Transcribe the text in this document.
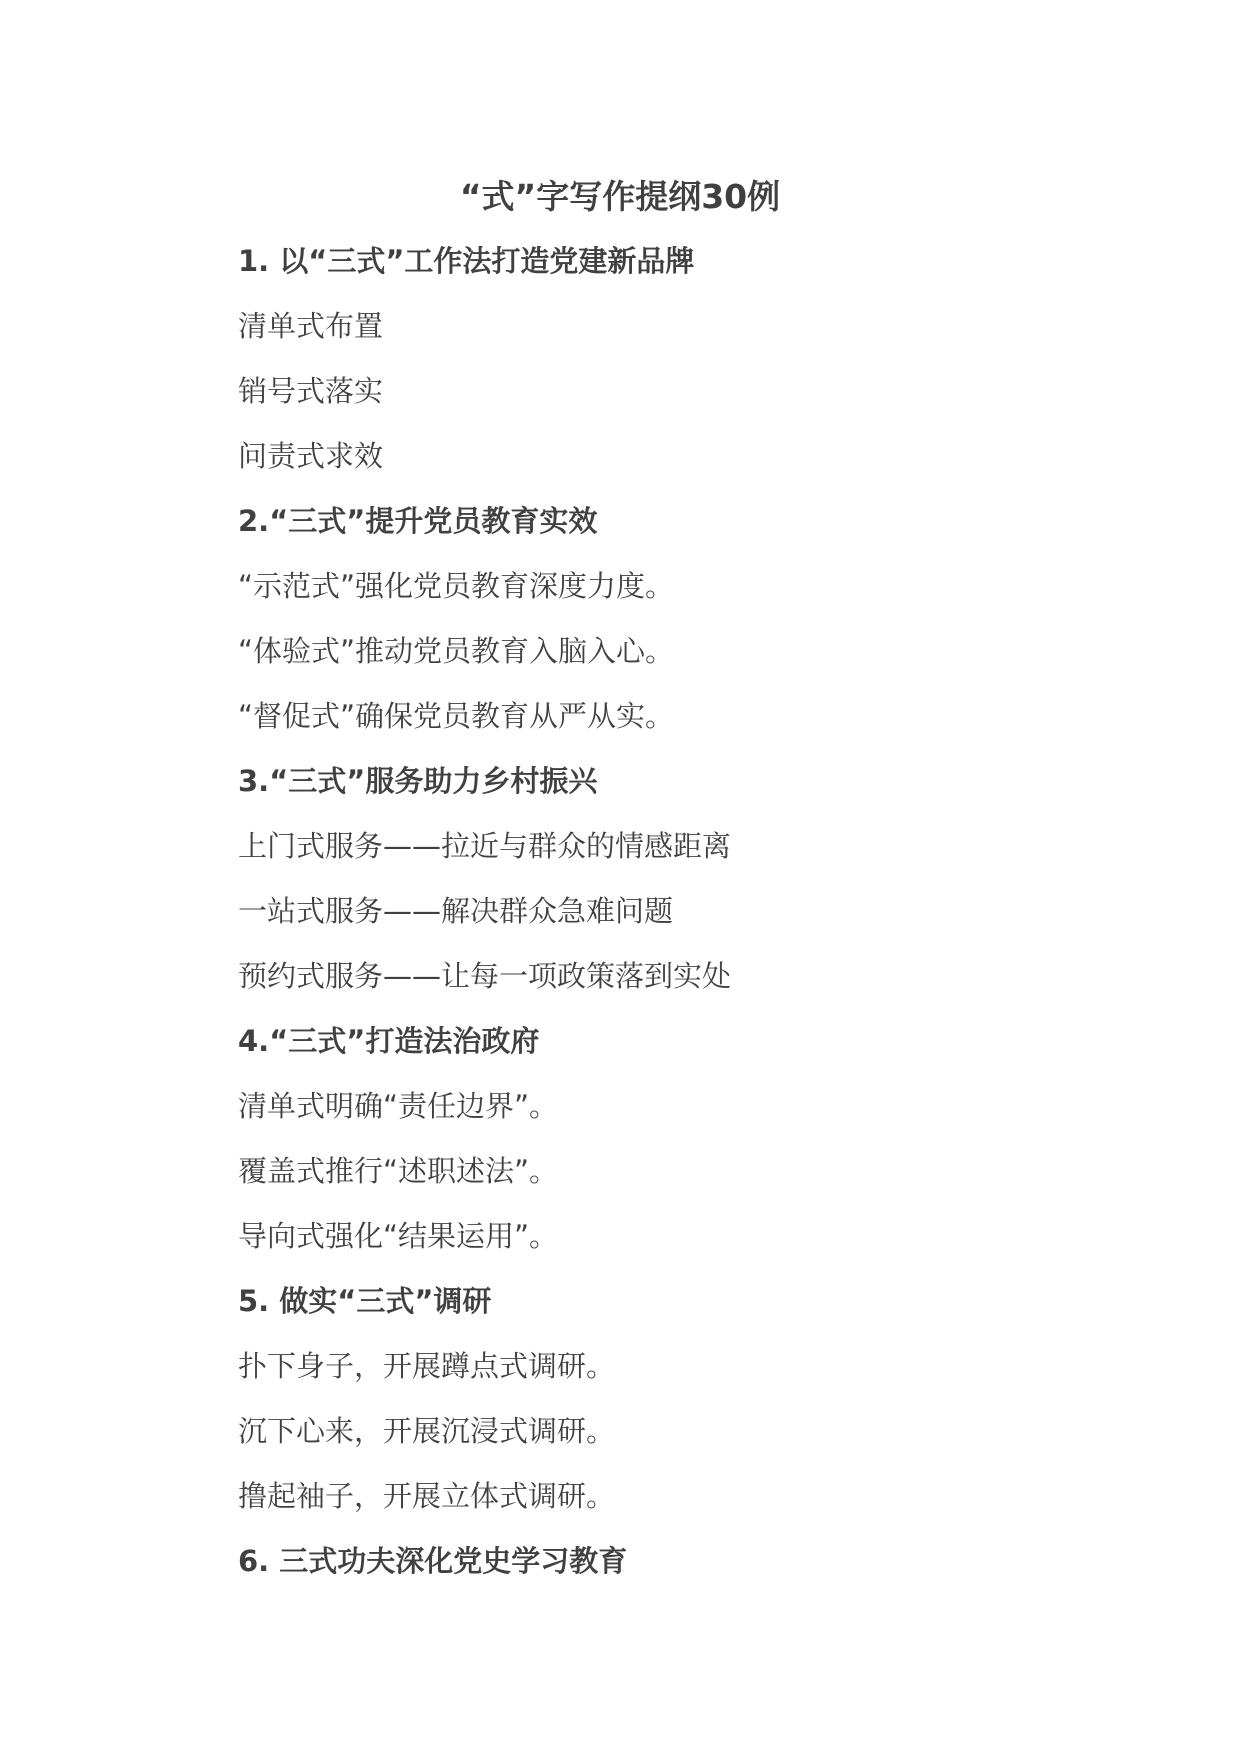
“式”字写作提纲30例

1. 以“三式”工作法打造党建新品牌

清单式布置

销号式落实

问责式求效

2.“三式”提升党员教育实效

“示范式”强化党员教育深度力度。

“体验式”推动党员教育入脑入心。

“督促式”确保党员教育从严从实。

3.“三式”服务助力乡村振兴

上门式服务——拉近与群众的情感距离

一站式服务——解决群众急难问题

预约式服务——让每一项政策落到实处

4.“三式”打造法治政府

清单式明确“责任边界”。

覆盖式推行“述职述法”。

导向式强化“结果运用”。

5. 做实“三式”调研

扑下身子，开展蹲点式调研。

沉下心来，开展沉浸式调研。

撸起袖子，开展立体式调研。

6. 三式功夫深化党史学习教育
